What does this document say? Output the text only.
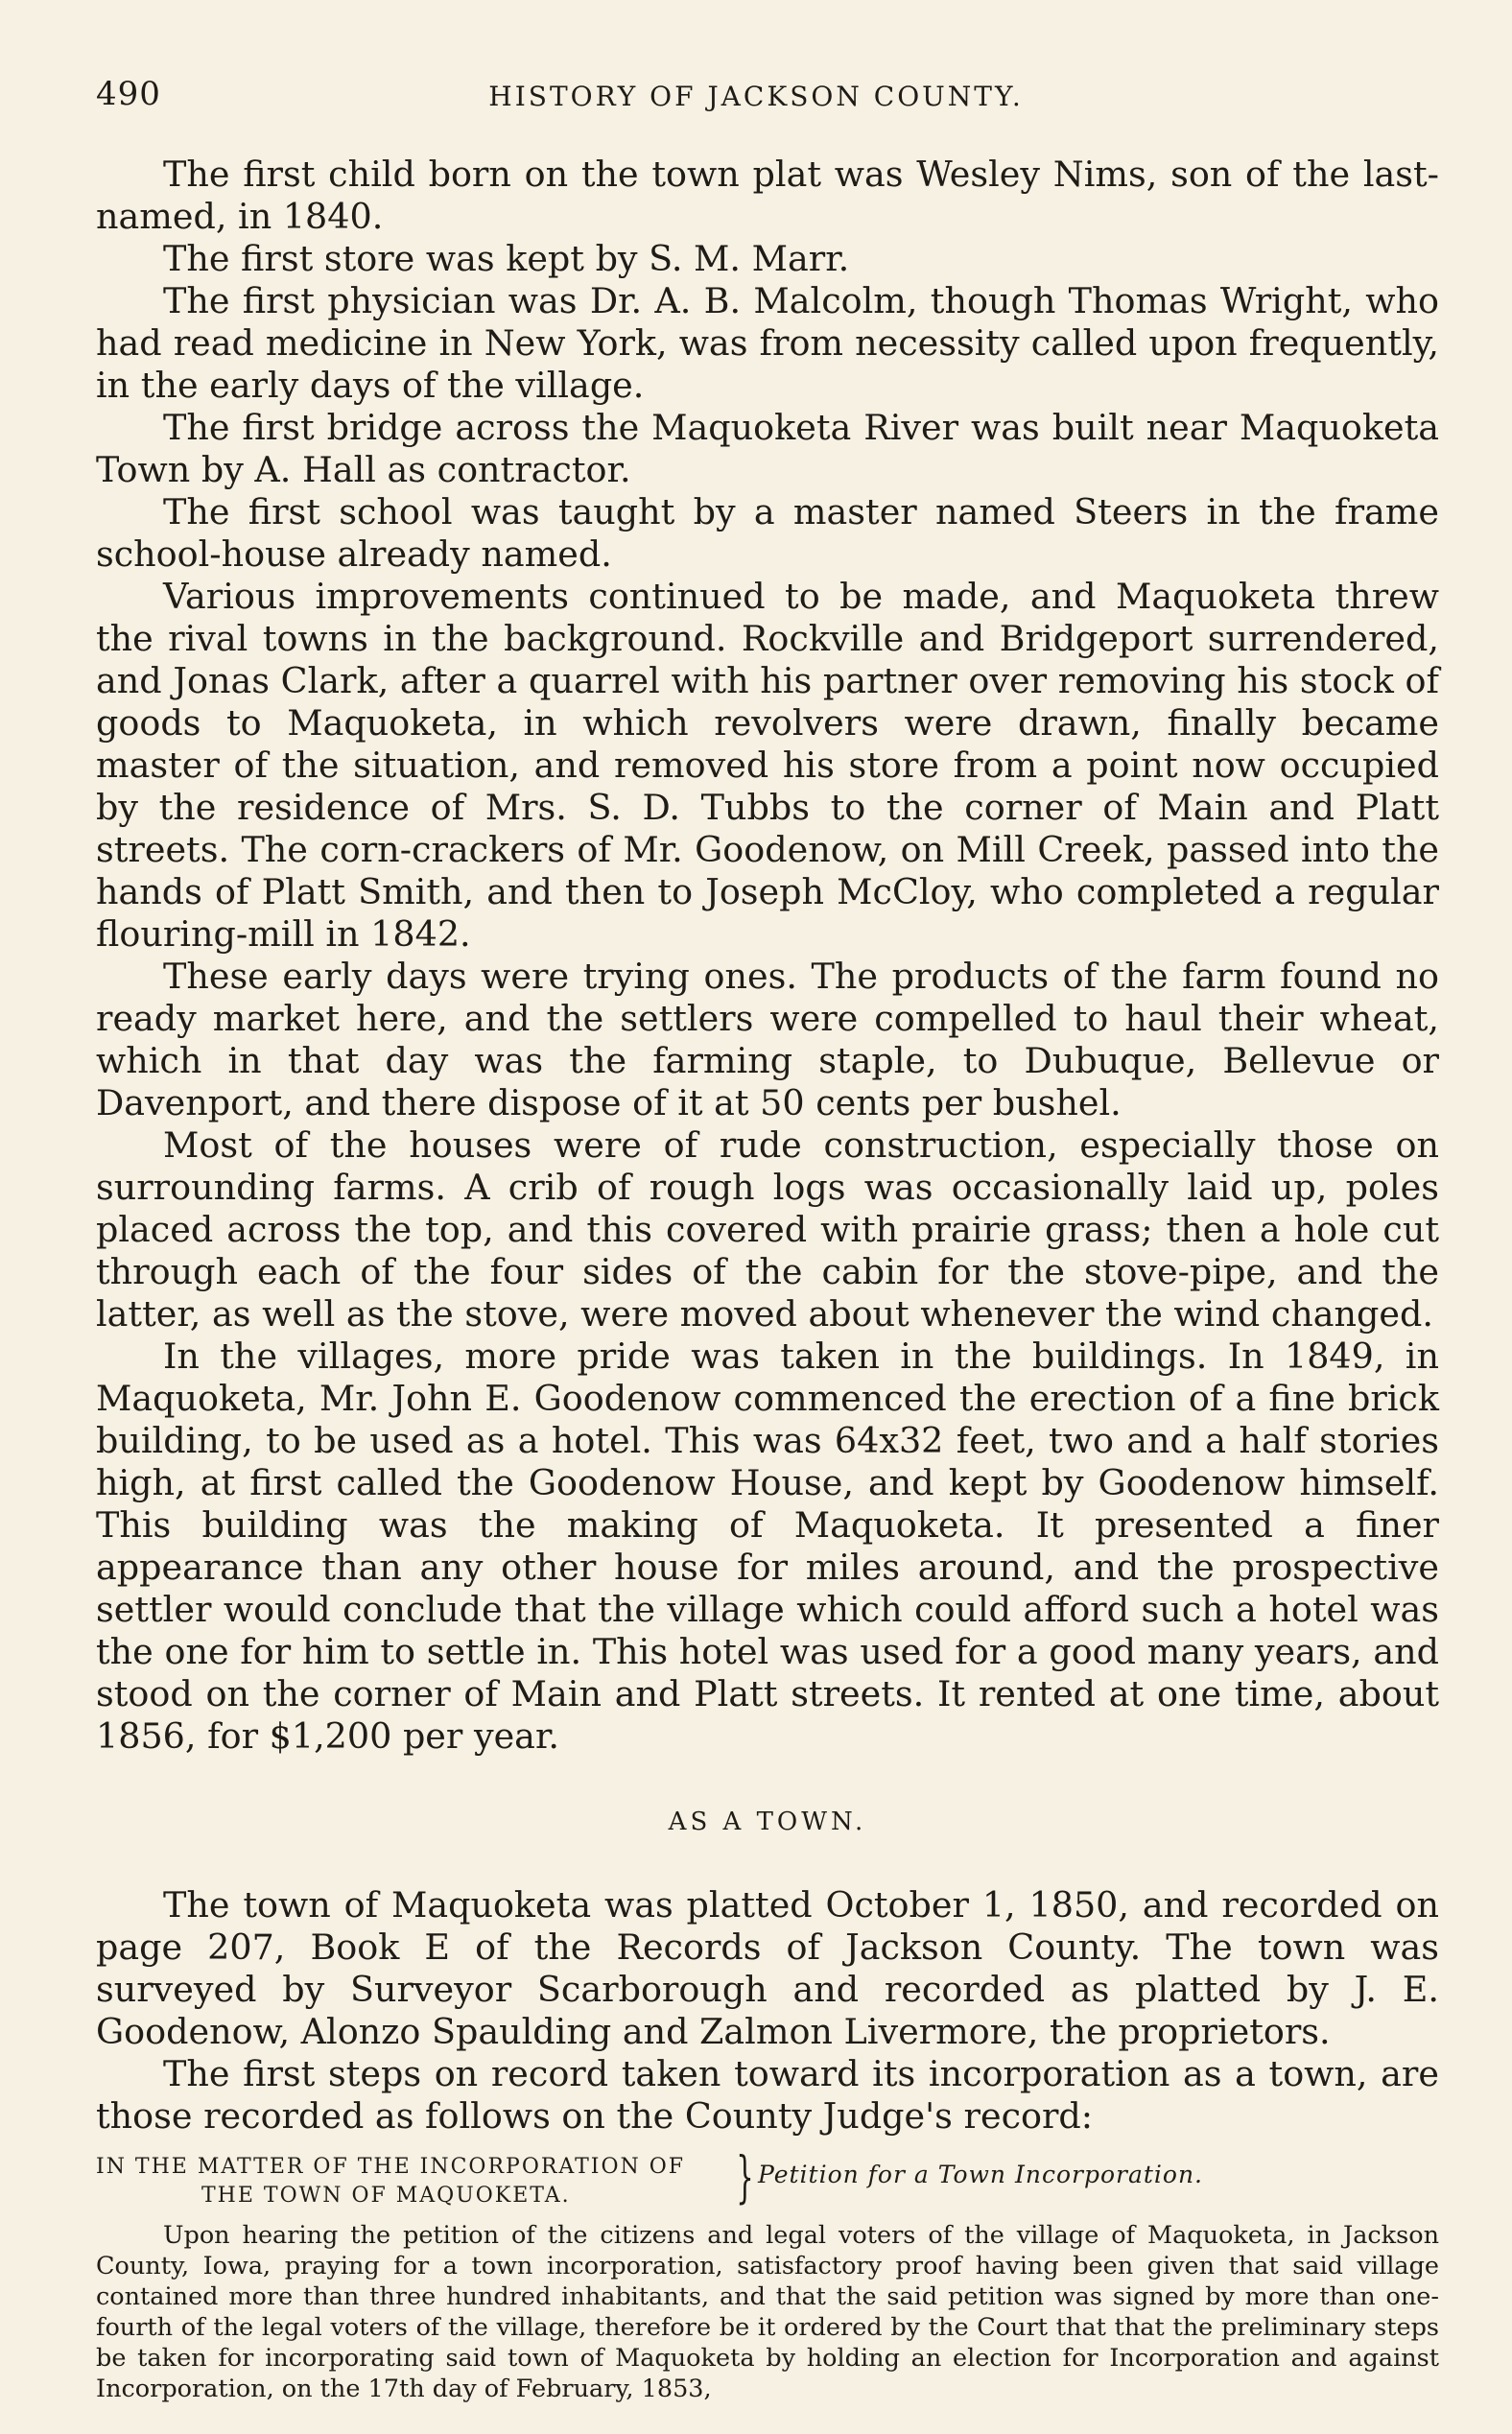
490	HISTORY OF JACKSON COUNTY.

The first child born on the town plat was Wesley Nims, son of the last-named, in 1840.

The first store was kept by S. M. Marr.

The first physician was Dr. A. B. Malcolm, though Thomas Wright, who had read medicine in New York, was from necessity called upon frequently, in the early days of the village.

The first bridge across the Maquoketa River was built near Maquoketa Town by A. Hall as contractor.

The first school was taught by a master named Steers in the frame school-house already named.

Various improvements continued to be made, and Maquoketa threw the rival towns in the background. Rockville and Bridgeport surrendered, and Jonas Clark, after a quarrel with his partner over removing his stock of goods to Maquoketa, in which revolvers were drawn, finally became master of the situation, and removed his store from a point now occupied by the residence of Mrs. S. D. Tubbs to the corner of Main and Platt streets. The corn-crackers of Mr. Goodenow, on Mill Creek, passed into the hands of Platt Smith, and then to Joseph McCloy, who completed a regular flouring-mill in 1842.

These early days were trying ones. The products of the farm found no ready market here, and the settlers were compelled to haul their wheat, which in that day was the farming staple, to Dubuque, Bellevue or Davenport, and there dispose of it at 50 cents per bushel.

Most of the houses were of rude construction, especially those on surrounding farms. A crib of rough logs was occasionally laid up, poles placed across the top, and this covered with prairie grass; then a hole cut through each of the four sides of the cabin for the stove-pipe, and the latter, as well as the stove, were moved about whenever the wind changed.

In the villages, more pride was taken in the buildings. In 1849, in Maquoketa, Mr. John E. Goodenow commenced the erection of a fine brick building, to be used as a hotel. This was 64x32 feet, two and a half stories high, at first called the Goodenow House, and kept by Goodenow himself. This building was the making of Maquoketa. It presented a finer appearance than any other house for miles around, and the prospective settler would conclude that the village which could afford such a hotel was the one for him to settle in. This hotel was used for a good many years, and stood on the corner of Main and Platt streets. It rented at one time, about 1856, for $1,200 per year.

AS A TOWN.

The town of Maquoketa was platted October 1, 1850, and recorded on page 207, Book E of the Records of Jackson County. The town was surveyed by Surveyor Scarborough and recorded as platted by J. E. Goodenow, Alonzo Spaulding and Zalmon Livermore, the proprietors.

The first steps on record taken toward its incorporation as a town, are those recorded as follows on the County Judge's record:

IN THE MATTER OF THE INCORPORATION OF
THE TOWN OF MAQUOKETA.	} Petition for a Town Incorporation.

Upon hearing the petition of the citizens and legal voters of the village of Maquoketa, in Jackson County, Iowa, praying for a town incorporation, satisfactory proof having been given that said village contained more than three hundred inhabitants, and that the said petition was signed by more than one-fourth of the legal voters of the village, therefore be it ordered by the Court that that the preliminary steps be taken for incorporating said town of Maquoketa by holding an election for Incorporation and against Incorporation, on the 17th day of February, 1853,
